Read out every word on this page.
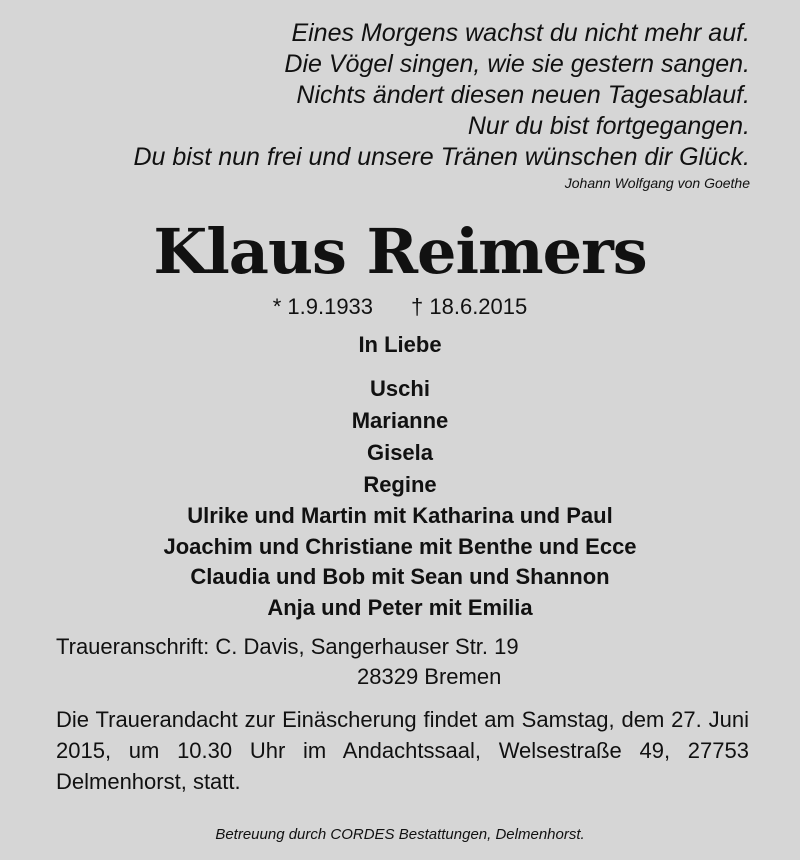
Eines Morgens wachst du nicht mehr auf.
Die Vögel singen, wie sie gestern sangen.
Nichts ändert diesen neuen Tagesablauf.
Nur du bist fortgegangen.
Du bist nun frei und unsere Tränen wünschen dir Glück.
Johann Wolfgang von Goethe
Klaus Reimers
* 1.9.1933 † 18.6.2015
In Liebe
Uschi
Marianne
Gisela
Regine
Ulrike und Martin mit Katharina und Paul
Joachim und Christiane mit Benthe und Ecce
Claudia und Bob mit Sean und Shannon
Anja und Peter mit Emilia
Traueranschrift: C. Davis, Sangerhauser Str. 19
28329 Bremen
Die Trauerandacht zur Einäscherung findet am Samstag, dem 27. Juni 2015, um 10.30 Uhr im Andachtssaal, Welsestraße 49, 27753 Delmenhorst, statt.
Betreuung durch CORDES Bestattungen, Delmenhorst.
